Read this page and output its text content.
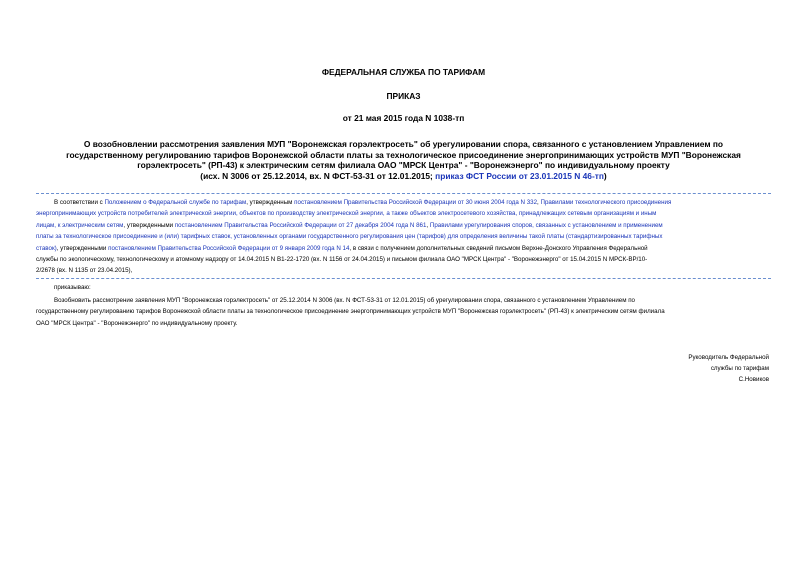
ФЕДЕРАЛЬНАЯ СЛУЖБА ПО ТАРИФАМ
ПРИКАЗ
от 21 мая 2015 года N 1038-тп
О возобновлении рассмотрения заявления МУП "Воронежская горэлектросеть" об урегулировании спора, связанного с установлением Управлением по
государственному регулированию тарифов Воронежской области платы за технологическое присоединение энергопринимающих устройств МУП "Воронежская
горэлектросеть" (РП-43) к электрическим сетям филиала ОАО "МРСК Центра" - "Воронежэнерго" по индивидуальному проекту
(исх. N 3006 от 25.12.2014, вх. N ФСТ-53-31 от 12.01.2015; приказ ФСТ России от 23.01.2015 N 46-тп)
В соответствии с Положением о Федеральной службе по тарифам, утвержденным постановлением Правительства Российской Федерации от 30 июня 2004 года N 332, Правилами технологического присоединения
энергопринимающих устройств потребителей электрической энергии, объектов по производству электрической энергии, а также объектов электросетевого хозяйства, принадлежащих сетевым организациям и иным
лицам, к электрическим сетям, утвержденными постановлением Правительства Российской Федерации от 27 декабря 2004 года N 861, Правилами урегулирования споров, связанных с установлением и применением
платы за технологическое присоединение и (или) тарифных ставок, установленных органами государственного регулирования цен (тарифов) для определения величины такой платы (стандартизированных тарифных
ставок), утвержденными постановлением Правительства Российской Федерации от 9 января 2009 года N 14, в связи с получением дополнительных сведений письмом Верхне-Донского Управления Федеральной
службы по экологическому, технологическому и атомному надзору от 14.04.2015 N В1-22-1720 (вх. N 1156 от 24.04.2015) и письмом филиала ОАО "МРСК Центра" - "Воронежэнерго" от 15.04.2015 N МРСК-ВР/10-
2/2678 (вх. N 1135 от 23.04.2015),
приказываю:
Возобновить рассмотрение заявления МУП "Воронежская горэлектросеть" от 25.12.2014 N 3006 (вх. N ФСТ-53-31 от 12.01.2015) об урегулировании спора, связанного с установлением Управлением по
государственному регулированию тарифов Воронежской области платы за технологическое присоединение энергопринимающих устройств МУП "Воронежская горэлектросеть" (РП-43) к электрическим сетям филиала
ОАО "МРСК Центра" - "Воронежэнерго" по индивидуальному проекту.
Руководитель Федеральной
службы по тарифам
С.Новиков
